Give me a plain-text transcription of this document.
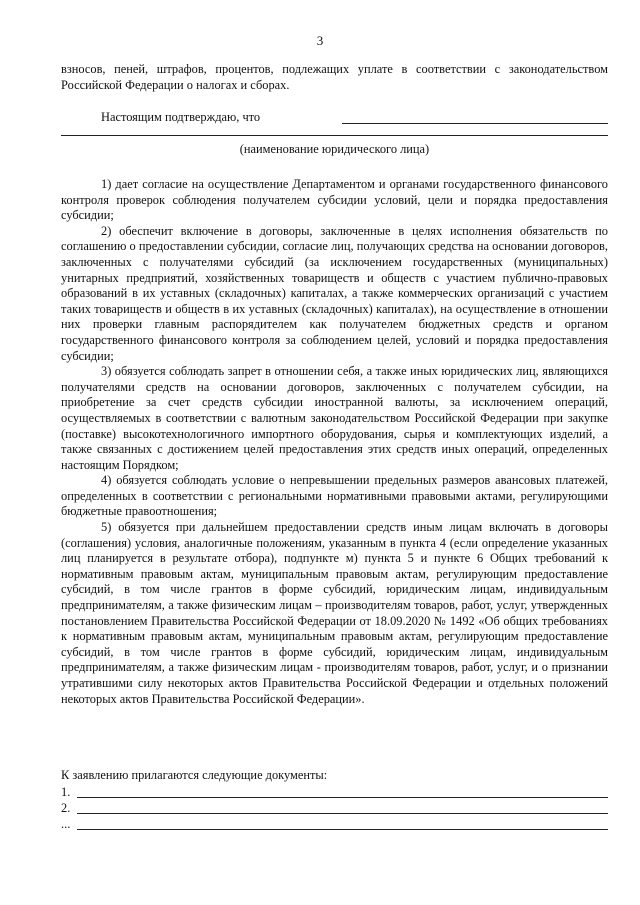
3

взносов, пеней, штрафов, процентов, подлежащих уплате в соответствии с законодательством Российской Федерации о налогах и сборах.

Настоящим подтверждаю, что
(наименование юридического лица)

1) дает согласие на осуществление Департаментом и органами государственного финансового контроля проверок соблюдения получателем субсидии условий, цели и порядка предоставления субсидии;

2) обеспечит включение в договоры, заключенные в целях исполнения обязательств по соглашению о предоставлении субсидии, согласие лиц, получающих средства на основании договоров, заключенных с получателями субсидий (за исключением государственных (муниципальных) унитарных предприятий, хозяйственных товариществ и обществ с участием публично-правовых образований в их уставных (складочных) капиталах, а также коммерческих организаций с участием таких товариществ и обществ в их уставных (складочных) капиталах), на осуществление в отношении них проверки главным распорядителем как получателем бюджетных средств и органом государственного финансового контроля за соблюдением целей, условий и порядка предоставления субсидии;

3) обязуется соблюдать запрет в отношении себя, а также иных юридических лиц, являющихся получателями средств на основании договоров, заключенных с получателем субсидии, на приобретение за счет средств субсидии иностранной валюты, за исключением операций, осуществляемых в соответствии с валютным законодательством Российской Федерации при закупке (поставке) высокотехнологичного импортного оборудования, сырья и комплектующих изделий, а также связанных с достижением целей предоставления этих средств иных операций, определенных настоящим Порядком;

4) обязуется соблюдать условие о непревышении предельных размеров авансовых платежей, определенных в соответствии с региональными нормативными правовыми актами, регулирующими бюджетные правоотношения;

5) обязуется при дальнейшем предоставлении средств иным лицам включать в договоры (соглашения) условия, аналогичные положениям, указанным в пункта 4 (если определение указанных лиц планируется в результате отбора), подпункте м) пункта 5 и пункте 6 Общих требований к нормативным правовым актам, муниципальным правовым актам, регулирующим предоставление субсидий, в том числе грантов в форме субсидий, юридическим лицам, индивидуальным предпринимателям, а также физическим лицам – производителям товаров, работ, услуг, утвержденных постановлением Правительства Российской Федерации от 18.09.2020 № 1492 «Об общих требованиях к нормативным правовым актам, муниципальным правовым актам, регулирующим предоставление субсидий, в том числе грантов в форме субсидий, юридическим лицам, индивидуальным предпринимателям, а также физическим лицам - производителям товаров, работ, услуг, и о признании утратившими силу некоторых актов Правительства Российской Федерации и отдельных положений некоторых актов Правительства Российской Федерации».

К заявлению прилагаются следующие документы:
1.
2.
...
